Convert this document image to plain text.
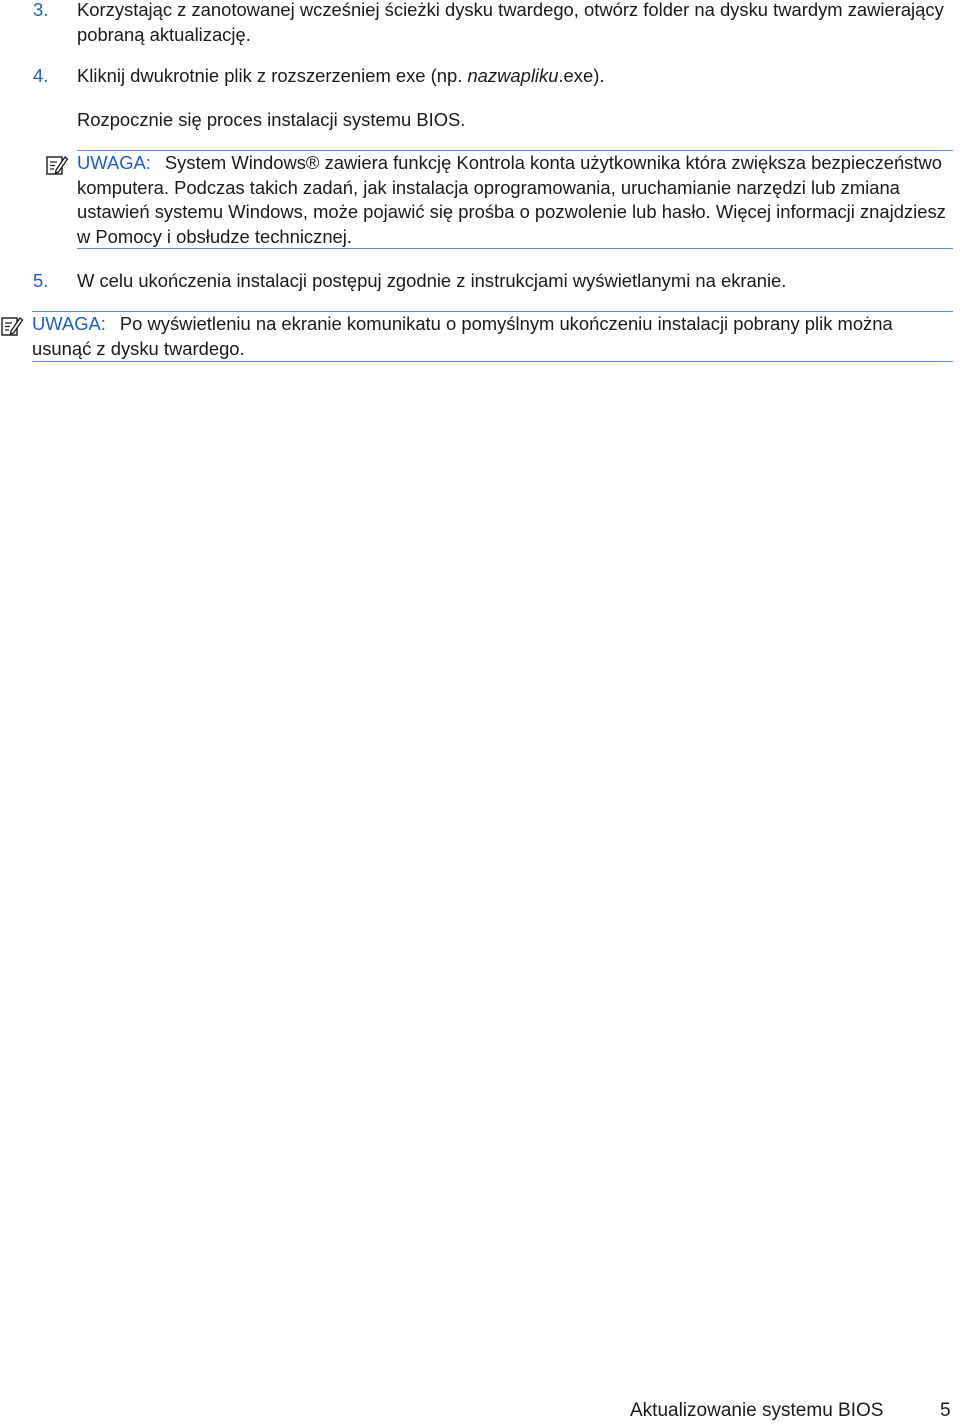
3. Korzystając z zanotowanej wcześniej ścieżki dysku twardego, otwórz folder na dysku twardym zawierający pobraną aktualizację.
4. Kliknij dwukrotnie plik z rozszerzeniem exe (np. nazwapliku.exe).
Rozpocznie się proces instalacji systemu BIOS.
UWAGA: System Windows® zawiera funkcję Kontrola konta użytkownika która zwiększa bezpieczeństwo komputera. Podczas takich zadań, jak instalacja oprogramowania, uruchamianie narzędzi lub zmiana ustawień systemu Windows, może pojawić się prośba o pozwolenie lub hasło. Więcej informacji znajdziesz w Pomocy i obsłudze technicznej.
5. W celu ukończenia instalacji postępuj zgodnie z instrukcjami wyświetlanymi na ekranie.
UWAGA: Po wyświetleniu na ekranie komunikatu o pomyślnym ukończeniu instalacji pobrany plik można usunąć z dysku twardego.
Aktualizowanie systemu BIOS	5
